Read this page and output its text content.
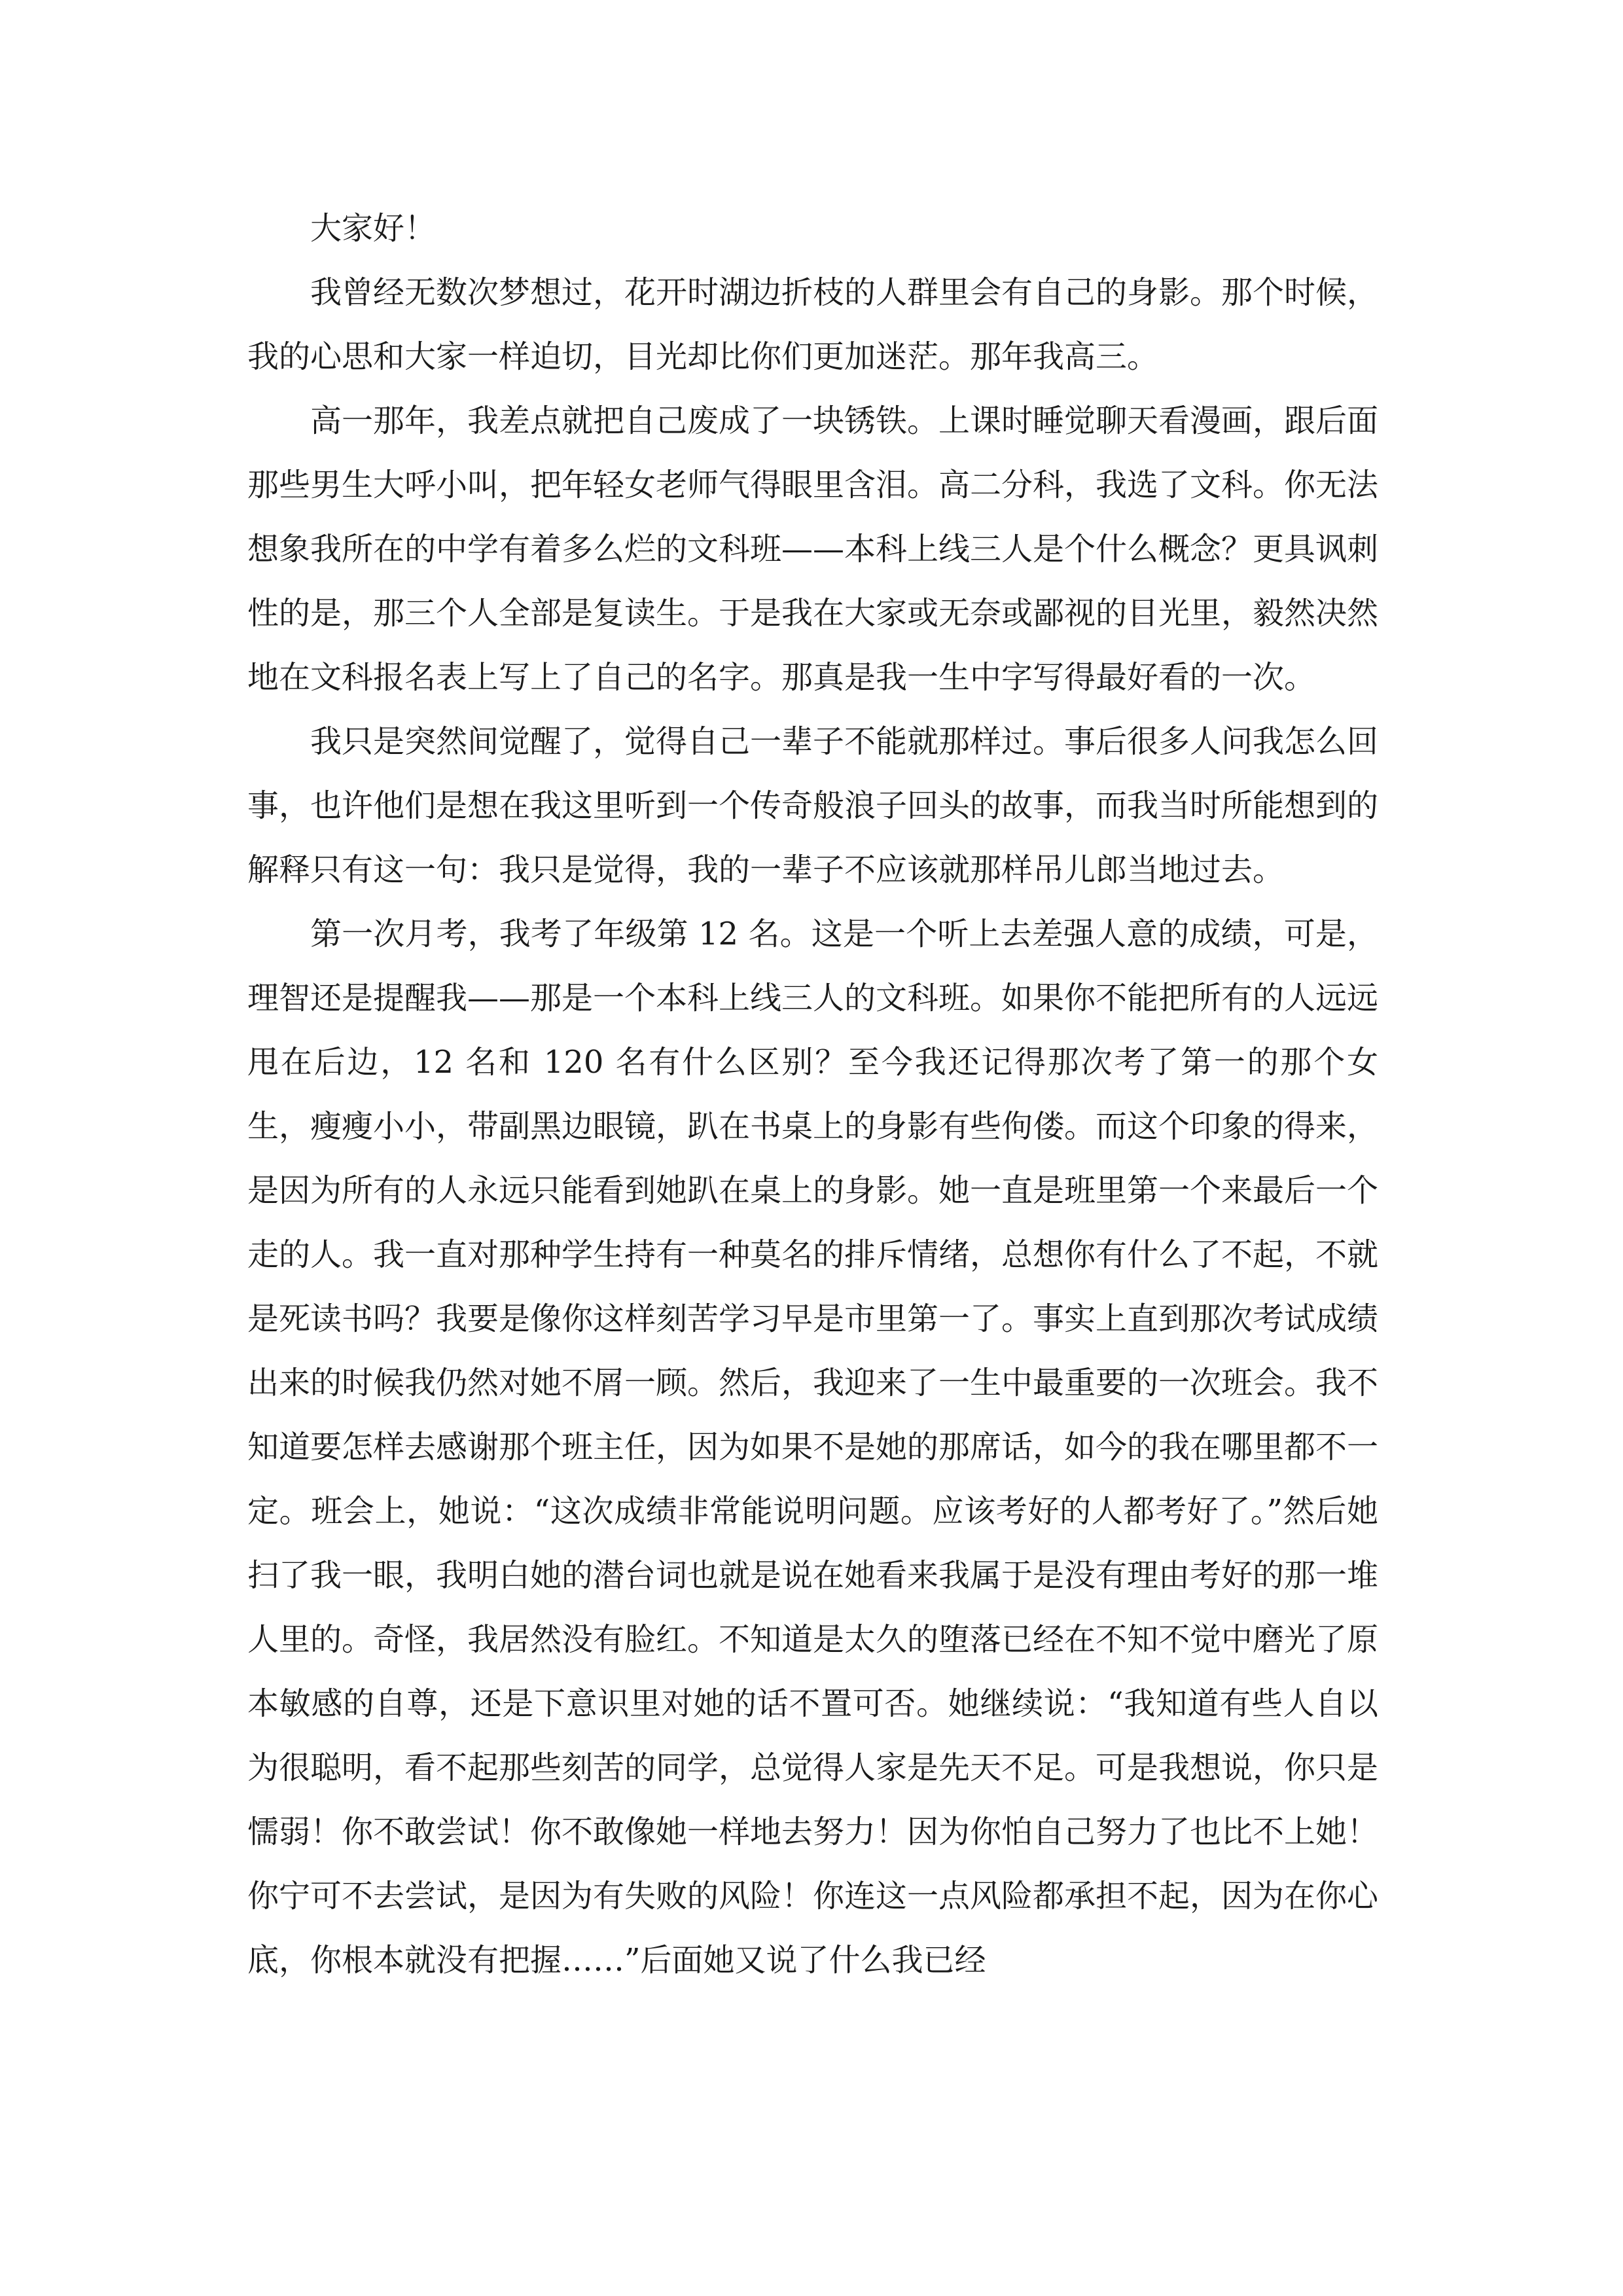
大家好！

我曾经无数次梦想过，花开时湖边折枝的人群里会有自己的身影。那个时候，我的心思和大家一样迫切，目光却比你们更加迷茫。那年我高三。

高一那年，我差点就把自己废成了一块锈铁。上课时睡觉聊天看漫画，跟后面那些男生大呼小叫，把年轻女老师气得眼里含泪。高二分科，我选了文科。你无法想象我所在的中学有着多么烂的文科班——本科上线三人是个什么概念？更具讽刺性的是，那三个人全部是复读生。于是我在大家或无奈或鄙视的目光里，毅然决然地在文科报名表上写上了自己的名字。那真是我一生中字写得最好看的一次。

我只是突然间觉醒了，觉得自己一辈子不能就那样过。事后很多人问我怎么回事，也许他们是想在我这里听到一个传奇般浪子回头的故事，而我当时所能想到的解释只有这一句：我只是觉得，我的一辈子不应该就那样吊儿郎当地过去。

第一次月考，我考了年级第 12 名。这是一个听上去差强人意的成绩，可是，理智还是提醒我——那是一个本科上线三人的文科班。如果你不能把所有的人远远甩在后边，12 名和 120 名有什么区别？至今我还记得那次考了第一的那个女生，瘦瘦小小，带副黑边眼镜，趴在书桌上的身影有些佝偻。而这个印象的得来，是因为所有的人永远只能看到她趴在桌上的身影。她一直是班里第一个来最后一个走的人。我一直对那种学生持有一种莫名的排斥情绪，总想你有什么了不起，不就是死读书吗？我要是像你这样刻苦学习早是市里第一了。事实上直到那次考试成绩出来的时候我仍然对她不屑一顾。然后，我迎来了一生中最重要的一次班会。我不知道要怎样去感谢那个班主任，因为如果不是她的那席话，如今的我在哪里都不一定。班会上，她说：“这次成绩非常能说明问题。应该考好的人都考好了。”然后她扫了我一眼，我明白她的潜台词也就是说在她看来我属于是没有理由考好的那一堆人里的。奇怪，我居然没有脸红。不知道是太久的堕落已经在不知不觉中磨光了原本敏感的自尊，还是下意识里对她的话不置可否。她继续说：“我知道有些人自以为很聪明，看不起那些刻苦的同学，总觉得人家是先天不足。可是我想说，你只是懦弱！你不敢尝试！你不敢像她一样地去努力！因为你怕自己努力了也比不上她！你宁可不去尝试，是因为有失败的风险！你连这一点风险都承担不起，因为在你心底，你根本就没有把握……”后面她又说了什么我已经
